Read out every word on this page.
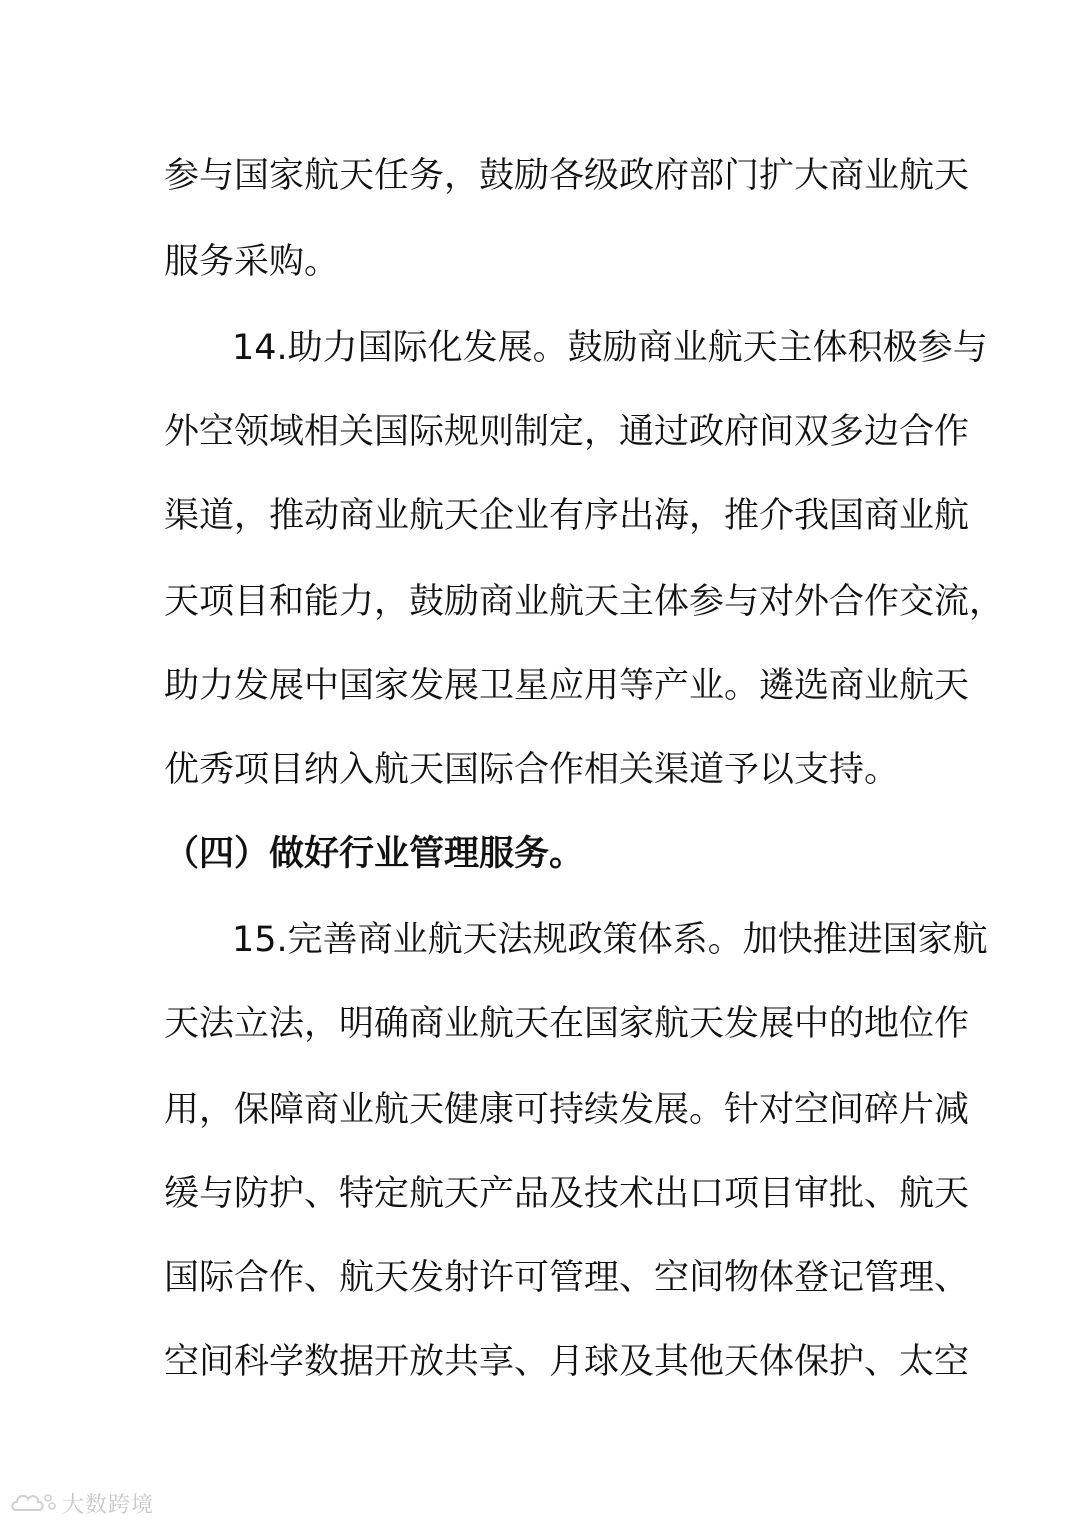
参与国家航天任务，鼓励各级政府部门扩大商业航天
服务采购。
14.助力国际化发展。鼓励商业航天主体积极参与
外空领域相关国际规则制定，通过政府间双多边合作
渠道，推动商业航天企业有序出海，推介我国商业航
天项目和能力，鼓励商业航天主体参与对外合作交流，
助力发展中国家发展卫星应用等产业。遴选商业航天
优秀项目纳入航天国际合作相关渠道予以支持。
（四）做好行业管理服务。
15.完善商业航天法规政策体系。加快推进国家航
天法立法，明确商业航天在国家航天发展中的地位作
用，保障商业航天健康可持续发展。针对空间碎片减
缓与防护、特定航天产品及技术出口项目审批、航天
国际合作、航天发射许可管理、空间物体登记管理、
空间科学数据开放共享、月球及其他天体保护、太空
大数跨境
